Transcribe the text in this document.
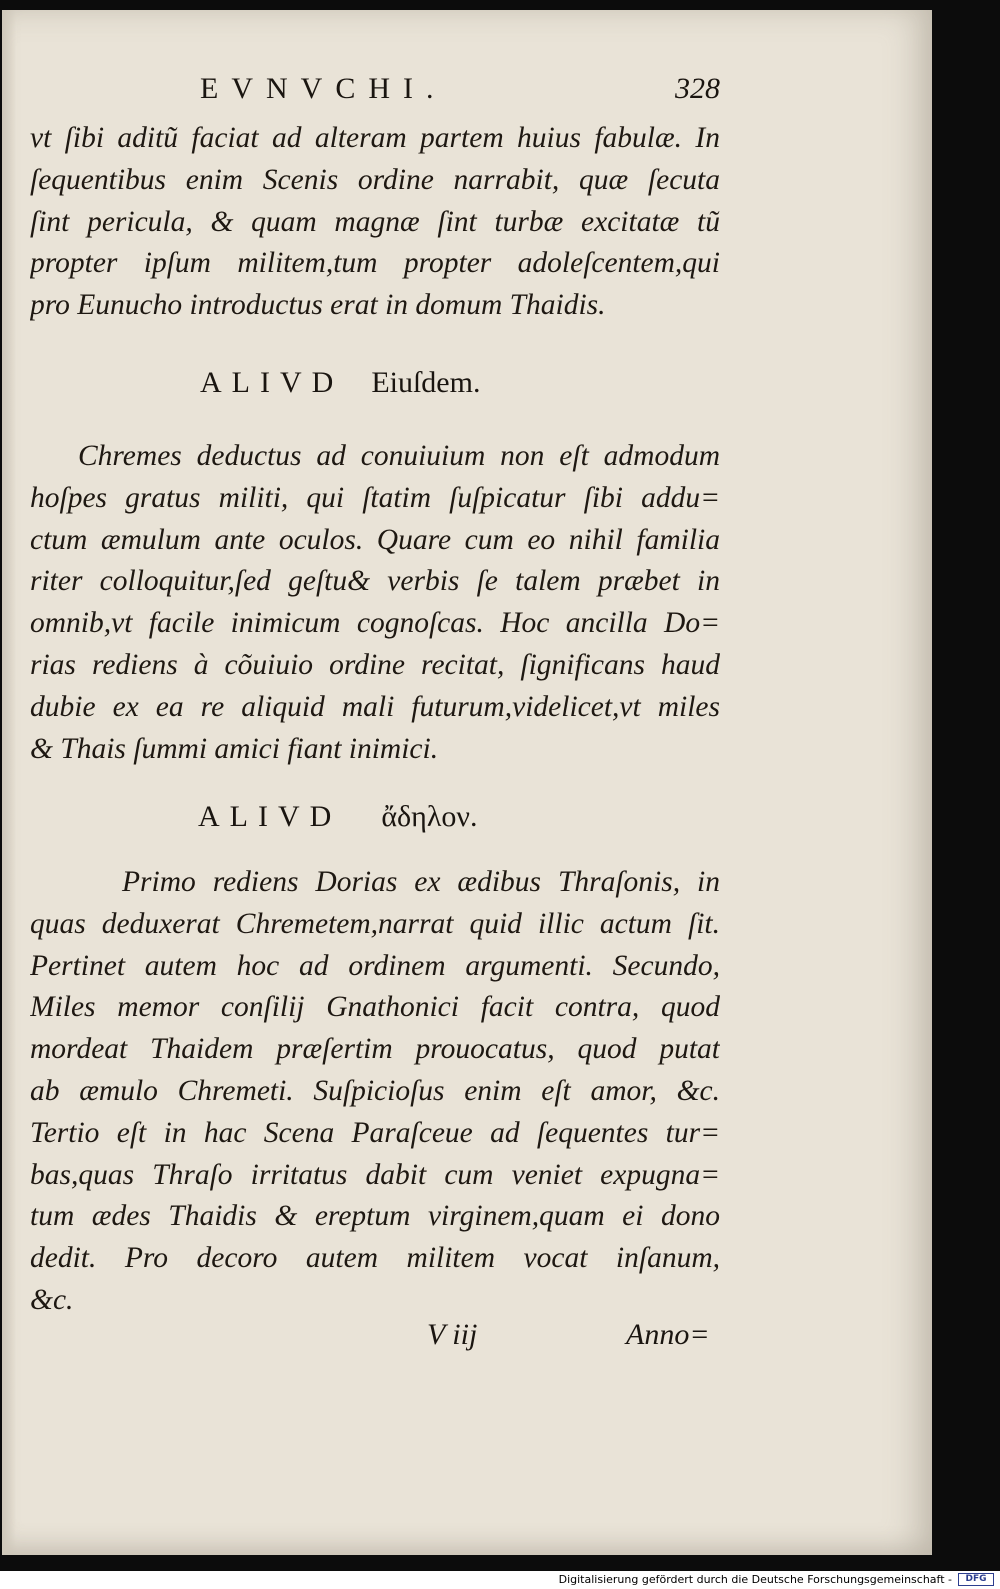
EVNVCHI.	328
vt ſibi aditũ faciat ad alteram partem huius fabulæ. In
ſequentibus enim Scenis ordine narrabit, quæ ſecuta
ſint pericula, & quam magnæ ſint turbæ excitatæ tũ
propter ipſum militem,tum propter adoleſcentem,qui
pro Eunucho introductus erat in domum Thaidis.
ALIVD Eiuſdem.
Chremes deductus ad conuiuium non eſt admodum
hoſpes gratus militi, qui ſtatim ſuſpicatur ſibi addu=
ctum æmulum ante oculos. Quare cum eo nihil familia
riter colloquitur,ſed geſtu& verbis ſe talem præbet in
omnib,vt facile inimicum cognoſcas. Hoc ancilla Do=
rias rediens à cõuiuio ordine recitat, ſignificans haud
dubie ex ea re aliquid mali futurum,videlicet,vt miles
& Thais ſummi amici fiant inimici.
ALIVD ἄδηλον.
Primo rediens Dorias ex ædibus Thraſonis, in
quas deduxerat Chremetem,narrat quid illic actum ſit.
Pertinet autem hoc ad ordinem argumenti. Secundo,
Miles memor conſilij Gnathonici facit contra, quod
mordeat Thaidem præſertim prouocatus, quod putat
ab æmulo Chremeti. Suſpicioſus enim eſt amor, &c.
Tertio eſt in hac Scena Paraſceue ad ſequentes tur=
bas,quas Thraſo irritatus dabit cum veniet expugna=
tum ædes Thaidis & ereptum virginem,quam ei dono
dedit. Pro decoro autem militem vocat inſanum,
&c.
V iij	Anno=
Digitalisierung gefördert durch die Deutsche Forschungsgemeinschaft -	DFG
